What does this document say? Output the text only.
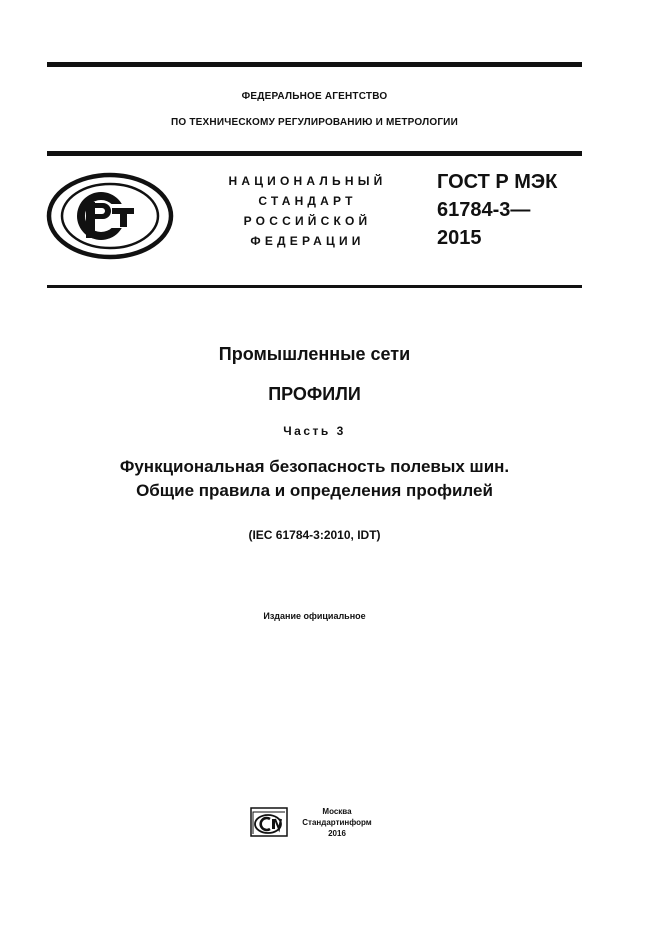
ФЕДЕРАЛЬНОЕ АГЕНТСТВО
ПО ТЕХНИЧЕСКОМУ РЕГУЛИРОВАНИЮ И МЕТРОЛОГИИ
НАЦИОНАЛЬНЫЙ
СТАНДАРТ
РОССИЙСКОЙ
ФЕДЕРАЦИИ
ГОСТ Р МЭК
61784-3—
2015
Промышленные сети
ПРОФИЛИ
Часть 3
Функциональная безопасность полевых шин.
Общие правила и определения профилей
(IEC 61784-3:2010, IDT)
Издание официальное
Москва
Стандартинформ
2016
